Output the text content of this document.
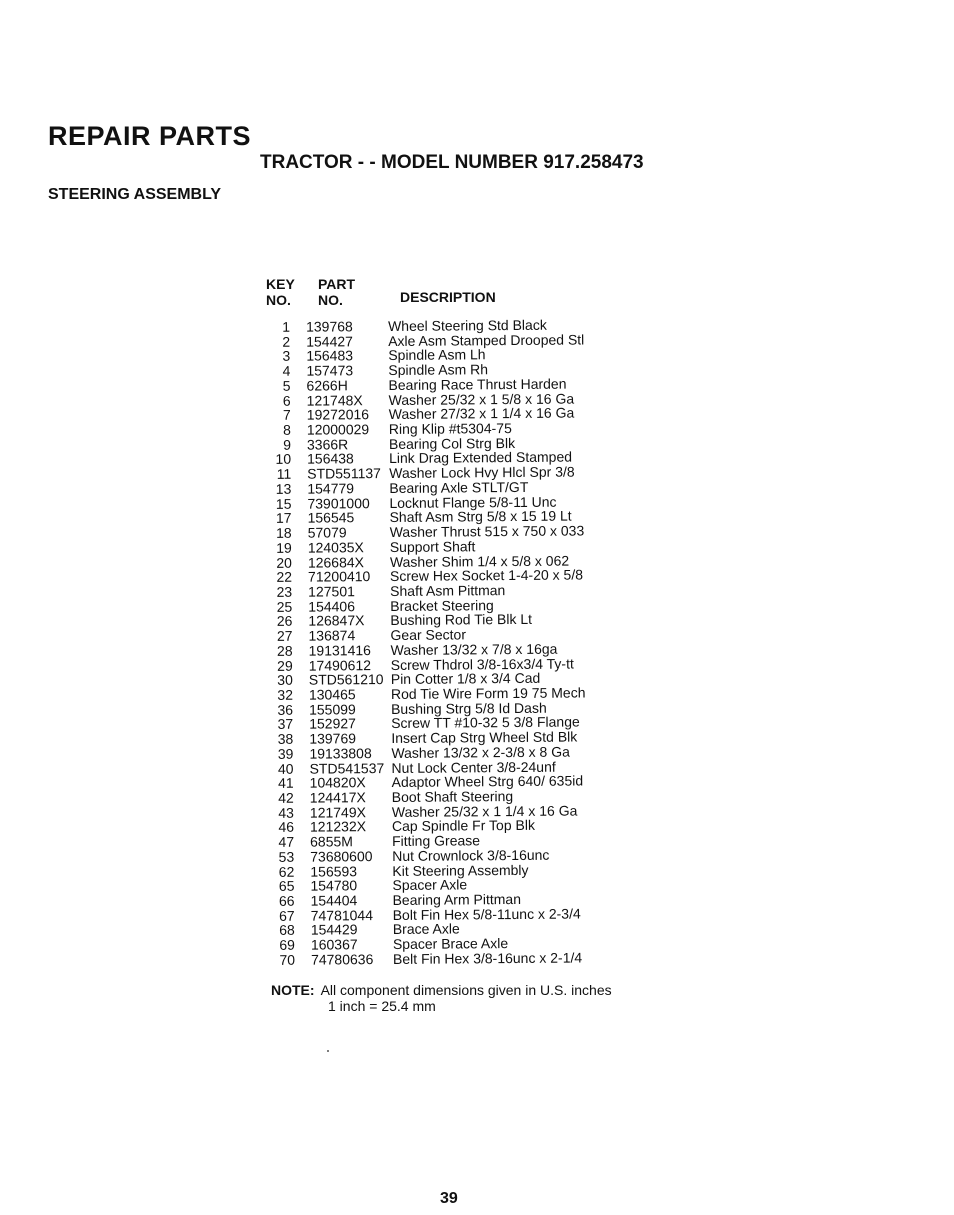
REPAIR PARTS
TRACTOR - - MODEL NUMBER 917.258473
STEERING ASSEMBLY
KEY
NO.
PART
NO.	DESCRIPTION
1	139768	Wheel Steering Std Black
2	154427	Axle Asm Stamped Drooped Stl
3	156483	Spindle Asm Lh
4	157473	Spindle Asm Rh
5	6266H	Bearing Race Thrust Harden
6	121748X	Washer 25/32 x 1 5/8 x 16 Ga
7	19272016	Washer 27/32 x 1 1/4 x 16 Ga
8	12000029	Ring Klip #t5304-75
9	3366R	Bearing Col Strg Blk
10	156438	Link Drag Extended Stamped
11	STD551137 Washer Lock Hvy Hlcl Spr 3/8
13	154779	Bearing Axle STLT/GT
15	73901000	Locknut Flange 5/8-11 Unc
17	156545	Shaft Asm Strg 5/8 x 15 19 Lt
18	57079	Washer Thrust 515 x 750 x 033
19	124035X	Support Shaft
20	126684X	Washer Shim 1/4 x 5/8 x 062
22	71200410	Screw Hex Socket 1-4-20 x 5/8
23	127501	Shaft Asm Pittman
25	154406	Bracket Steering
26	126847X	Bushing Rod Tie Blk Lt
27	136874	Gear Sector
28	19131416	Washer 13/32 x 7/8 x 16ga
29	17490612	Screw Thdrol 3/8-16x3/4 Ty-tt
30	STD561210 Pin Cotter 1/8 x 3/4 Cad
32	130465	Rod Tie Wire Form 19 75 Mech
36	155099	Bushing Strg 5/8 Id Dash
37	152927	Screw TT #10-32 5 3/8 Flange
38	139769	Insert Cap Strg Wheel Std Blk
39	19133808	Washer 13/32 x 2-3/8 x 8 Ga
40	STD541537 Nut Lock Center 3/8-24unf
41	104820X	Adaptor Wheel Strg 640/ 635id
42	124417X	Boot Shaft Steering
43	121749X	Washer 25/32 x 1 1/4 x 16 Ga
46	121232X	Cap Spindle Fr Top Blk
47	6855M	Fitting Grease
53	73680600	Nut Crownlock 3/8-16unc
62	156593	Kit Steering Assembly
65	154780	Spacer Axle
66	154404	Bearing Arm Pittman
67	74781044	Bolt Fin Hex 5/8-11unc x 2-3/4
68	154429	Brace Axle
69	160367	Spacer Brace Axle
70	74780636	Belt Fin Hex 3/8-16unc x 2-1/4
NOTE: All component dimensions given in U.S. inches
1 inch = 25.4 mm
39
